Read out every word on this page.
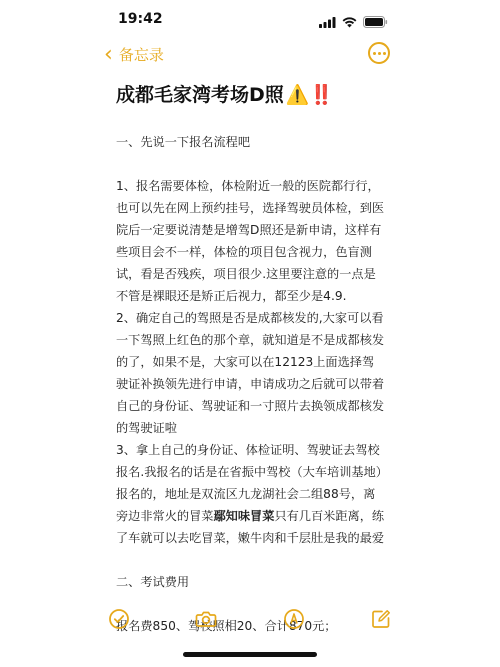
19:42
‹ 备忘录
成都毛家湾考场D照 ⚠️‼️

一、先说一下报名流程吧

1、报名需要体检，体检附近一般的医院都行行，也可以先在网上预约挂号，选择驾驶员体检，到医院后一定要说清楚是增驾D照还是新申请，这样有些项目会不一样，体检的项目包含视力，色盲测试，看是否残疾，项目很少.这里要注意的一点是不管是裸眼还是矫正后视力，都至少是4.9.

2、确定自己的驾照是否是成都核发的,大家可以看一下驾照上红色的那个章，就知道是不是成都核发的了，如果不是，大家可以在12123上面选择驾驶证补换领先进行申请，申请成功之后就可以带着自己的身份证、驾驶证和一寸照片去换领成都核发的驾驶证啦

3、拿上自己的身份证、体检证明、驾驶证去驾校报名.我报名的话是在省振中驾校（大车培训基地）报名的，地址是双流区九龙湖社会二组88号，离旁边非常火的冒菜鄢知味冒菜只有几百米距离，练了车就可以去吃冒菜，嫩牛肉和千层肚是我的最爱

二、考试费用

报名费850、驾校照相20、合计870元；
